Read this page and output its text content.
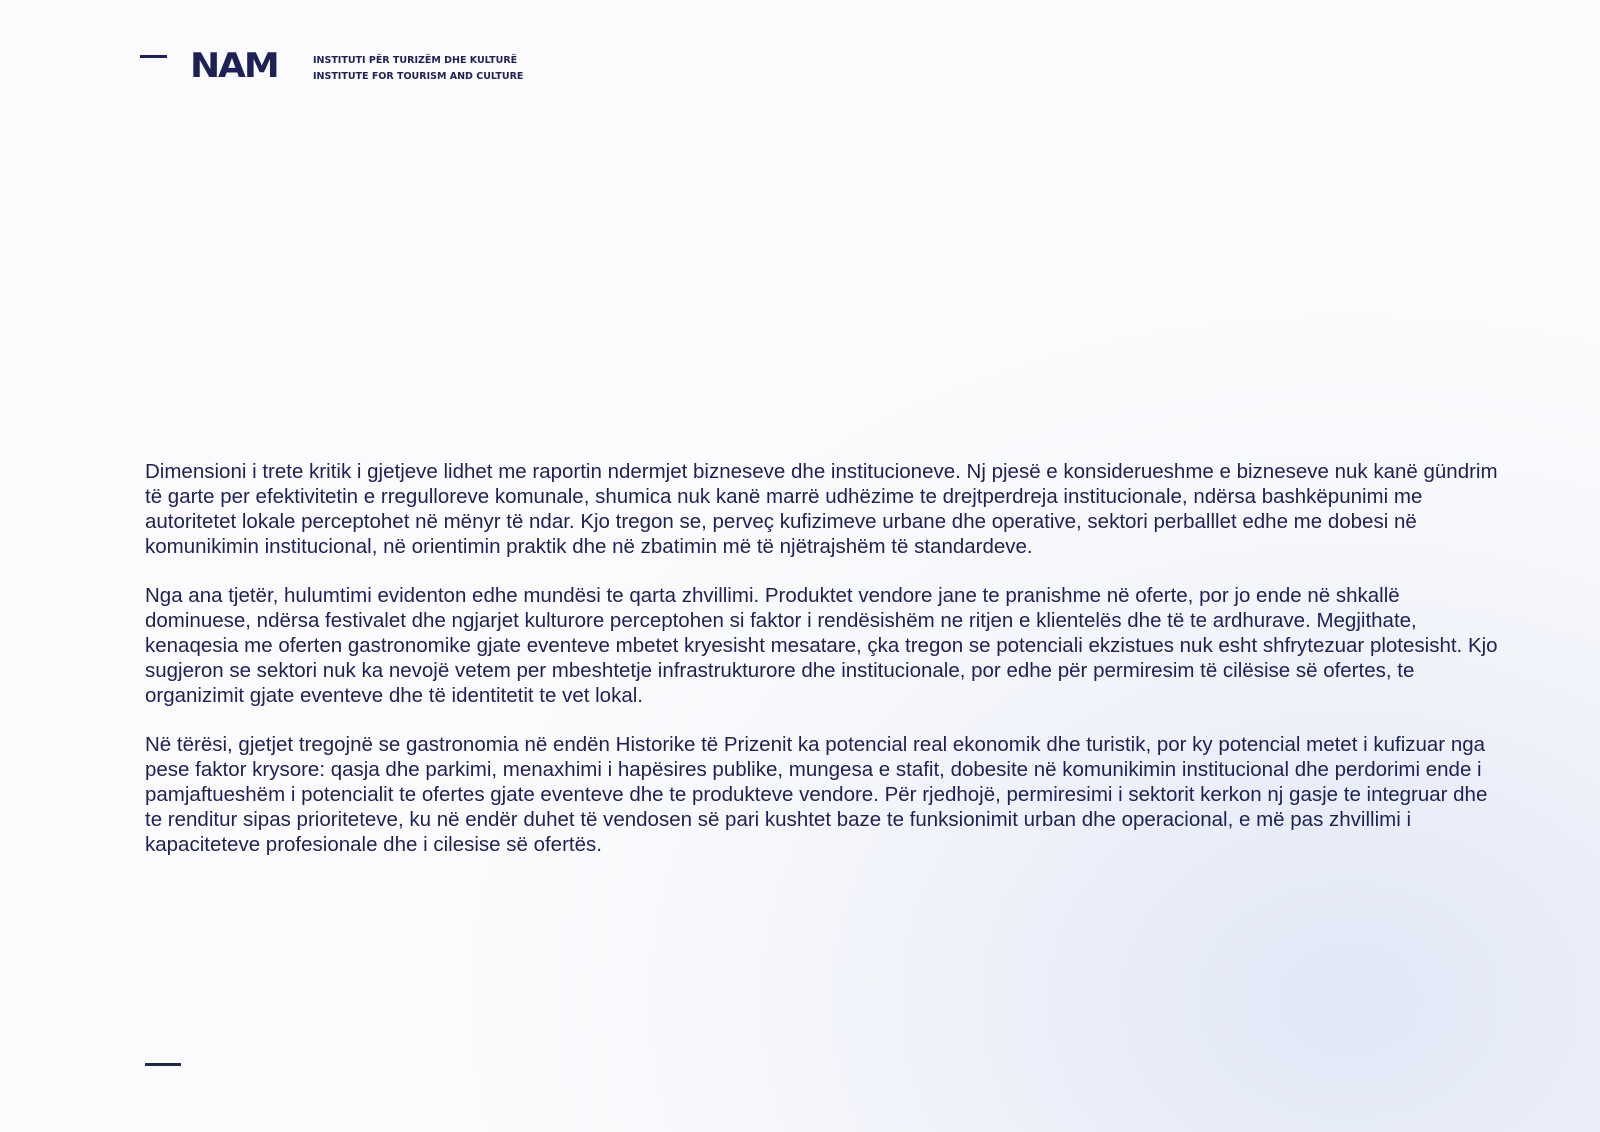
NAM	INSTITUTI PËR TURIZËM DHE KULTURË
INSTITUTE FOR TOURISM AND CULTURE

Dimensioni i trete kritik i gjetjeve lidhet me raportin ndermjet bizneseve dhe institucioneve. Nj pjesë e konsiderueshme e bizneseve nuk kanë gündrim të garte per efektivitetin e rregulloreve komunale, shumica nuk kanë marrë udhëzime te drejtperdreja institucionale, ndërsa bashkëpunimi me autoritetet lokale perceptohet në mënyr të ndar. Kjo tregon se, perveç kufizimeve urbane dhe operative, sektori perballlet edhe me dobesi në komunikimin institucional, në orientimin praktik dhe në zbatimin më të njëtrajshëm të standardeve.

Nga ana tjetër, hulumtimi evidenton edhe mundësi te qarta zhvillimi. Produktet vendore jane te pranishme në oferte, por jo ende në shkallë dominuese, ndërsa festivalet dhe ngjarjet kulturore perceptohen si faktor i rendësishëm ne ritjen e klientelës dhe të te ardhurave. Megjithate, kenaqesia me oferten gastronomike gjate eventeve mbetet kryesisht mesatare, çka tregon se potenciali ekzistues nuk esht shfrytezuar plotesisht. Kjo sugjeron se sektori nuk ka nevojë vetem per mbeshtetje infrastrukturore dhe institucionale, por edhe për permiresim të cilësise së ofertes, te organizimit gjate eventeve dhe të identitetit te vet lokal.

Në tërësi, gjetjet tregojnë se gastronomia në endën Historike të Prizenit ka potencial real ekonomik dhe turistik, por ky potencial metet i kufizuar nga pese faktor krysore: qasja dhe parkimi, menaxhimi i hapësires publike, mungesa e stafit, dobesite në komunikimin institucional dhe perdorimi ende i pamjaftueshëm i potencialit te ofertes gjate eventeve dhe te produkteve vendore. Për rjedhojë, permiresimi i sektorit kerkon nj gasje te integruar dhe te renditur sipas prioriteteve, ku në endër duhet të vendosen së pari kushtet baze te funksionimit urban dhe operacional, e më pas zhvillimi i kapaciteteve profesionale dhe i cilesise së ofertës.
